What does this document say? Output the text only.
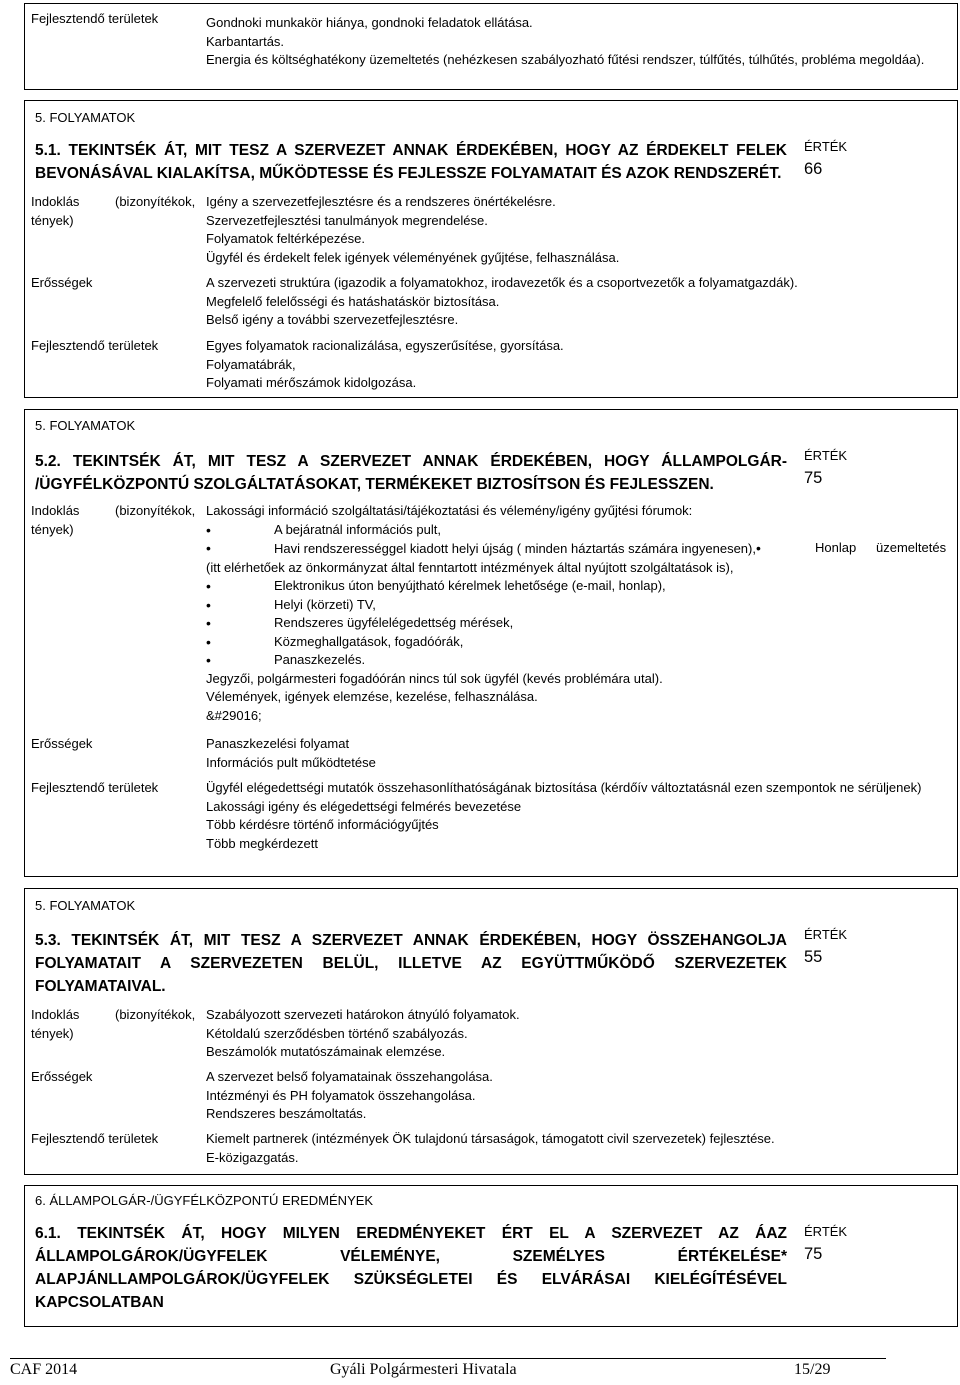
Fejlesztendő területek	Gondnoki munkakör hiánya, gondnoki feladatok ellátása.
Karbantartás.
Energia és költséghatékony üzemeltetés (nehézkesen szabályozható fűtési rendszer, túlfűtés, túlhűtés, probléma megoldáa).
5. FOLYAMATOK
5.1. TEKINTSÉK ÁT, MIT TESZ A SZERVEZET ANNAK ÉRDEKÉBEN, HOGY AZ ÉRDEKELT FELEK
BEVONÁSÁVAL KIALAKÍTSA, MŰKÖDTESSE ÉS FEJLESSZE FOLYAMATAIT ÉS AZOK RENDSZERÉT.
ÉRTÉK
66
Indoklás	(bizonyítékok,
tények)
Igény a szervezetfejlesztésre és a rendszeres önértékelésre.
Szervezetfejlesztési tanulmányok megrendelése.
Folyamatok feltérképezése.
Ügyfél és érdekelt felek igények véleményének gyűjtése, felhasználása.
Erősségek	A szervezeti struktúra (igazodik a folyamatokhoz, irodavezetők és a csoportvezetők a folyamatgazdák).
Megfelelő felelősségi és hatáshatáskör biztosítása.
Belső igény a további szervezetfejlesztésre.
Fejlesztendő területek	Egyes folyamatok racionalizálása, egyszerűsítése, gyorsítása.
Folyamatábrák,
Folyamati mérőszámok kidolgozása.
5. FOLYAMATOK
5.2. TEKINTSÉK ÁT, MIT TESZ A SZERVEZET ANNAK ÉRDEKÉBEN, HOGY ÁLLAMPOLGÁR-
/ÜGYFÉLKÖZPONTÚ SZOLGÁLTATÁSOKAT, TERMÉKEKET BIZTOSÍTSON ÉS FEJLESSZEN.
ÉRTÉK
75
Indoklás	(bizonyítékok,
tények)
Lakossági információ szolgáltatási/tájékoztatási és vélemény/igény gyűjtési fórumok:
• A bejáratnál információs pult,
• Havi rendszerességgel kiadott helyi újság ( minden háztartás számára ingyenesen),•	Honlap üzemeltetés
(itt elérhetőek az önkormányzat által fenntartott intézmények által nyújtott szolgáltatások is),
• Elektronikus úton benyújtható kérelmek lehetősége (e-mail, honlap),
• Helyi (körzeti) TV,
• Rendszeres ügyfélelégedettség mérések,
• Közmeghallgatások, fogadóórák,
• Panaszkezelés.
Jegyzői, polgármesteri fogadóórán nincs túl sok ügyfél (kevés problémára utal).
Vélemények, igények elemzése, kezelése, felhasználása.
&#29016;
Erősségek	Panaszkezelési folyamat
Információs pult működtetése
Fejlesztendő területek	Ügyfél elégedettségi mutatók összehasonlíthatóságának biztosítása (kérdőív változtatásnál ezen szempontok ne sérüljenek)
Lakossági igény és elégedettségi felmérés bevezetése
Több kérdésre történő információgyűjtés
Több megkérdezett
5. FOLYAMATOK
5.3. TEKINTSÉK ÁT, MIT TESZ A SZERVEZET ANNAK ÉRDEKÉBEN, HOGY ÖSSZEHANGOLJA
FOLYAMATAIT A SZERVEZETEN BELÜL, ILLETVE AZ EGYÜTTMŰKÖDŐ SZERVEZETEK
FOLYAMATAIVAL.
ÉRTÉK
55
Indoklás	(bizonyítékok,
tények)
Szabályozott szervezeti határokon átnyúló folyamatok.
Kétoldalú szerződésben történő szabályozás.
Beszámolók mutatószámainak elemzése.
Erősségek	A szervezet belső folyamatainak összehangolása.
Intézményi és PH folyamatok összehangolása.
Rendszeres beszámoltatás.
Fejlesztendő területek	Kiemelt partnerek (intézmények ÖK tulajdonú társaságok, támogatott civil szervezetek) fejlesztése.
E-közigazgatás.
6. ÁLLAMPOLGÁR-/ÜGYFÉLKÖZPONTÚ EREDMÉNYEK
6.1. TEKINTSÉK ÁT, HOGY MILYEN EREDMÉNYEKET ÉRT EL A SZERVEZET AZ ÁAZ
ÁLLAMPOLGÁROK/ÜGYFELEK VÉLEMÉNYE, SZEMÉLYES ÉRTÉKELÉSE*
ALAPJÁNLLAMPOLGÁROK/ÜGYFELEK SZÜKSÉGLETEI ÉS ELVÁRÁSAI KIELÉGÍTÉSÉVEL
KAPCSOLATBAN
ÉRTÉK
75
CAF 2014	Gyáli Polgármesteri Hivatala	15/29
